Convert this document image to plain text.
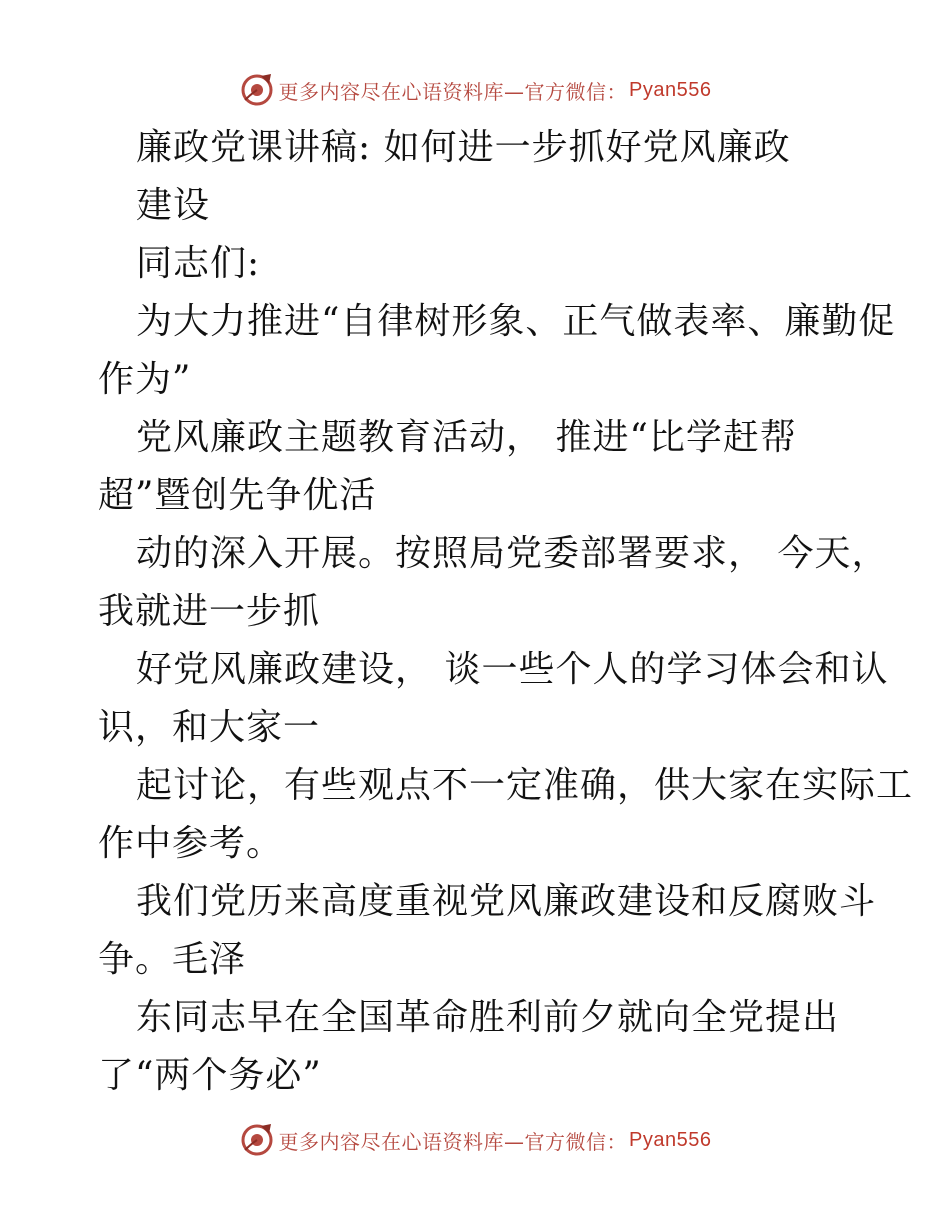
更多内容尽在心语资料库—官方微信： Pyan556
廉政党课讲稿: 如何进一步抓好党风廉政
建设
同志们:
为大力推进“自律树形象、正气做表率、廉勤促
作为”
党风廉政主题教育活动， 推进“比学赶帮
超”暨创先争优活
动的深入开展。按照局党委部署要求， 今天，
我就进一步抓
好党风廉政建设， 谈一些个人的学习体会和认
识，和大家一
起讨论，有些观点不一定准确，供大家在实际工
作中参考。
我们党历来高度重视党风廉政建设和反腐败斗
争。毛泽
东同志早在全国革命胜利前夕就向全党提出
了“两个务必”
更多内容尽在心语资料库—官方微信： Pyan556
